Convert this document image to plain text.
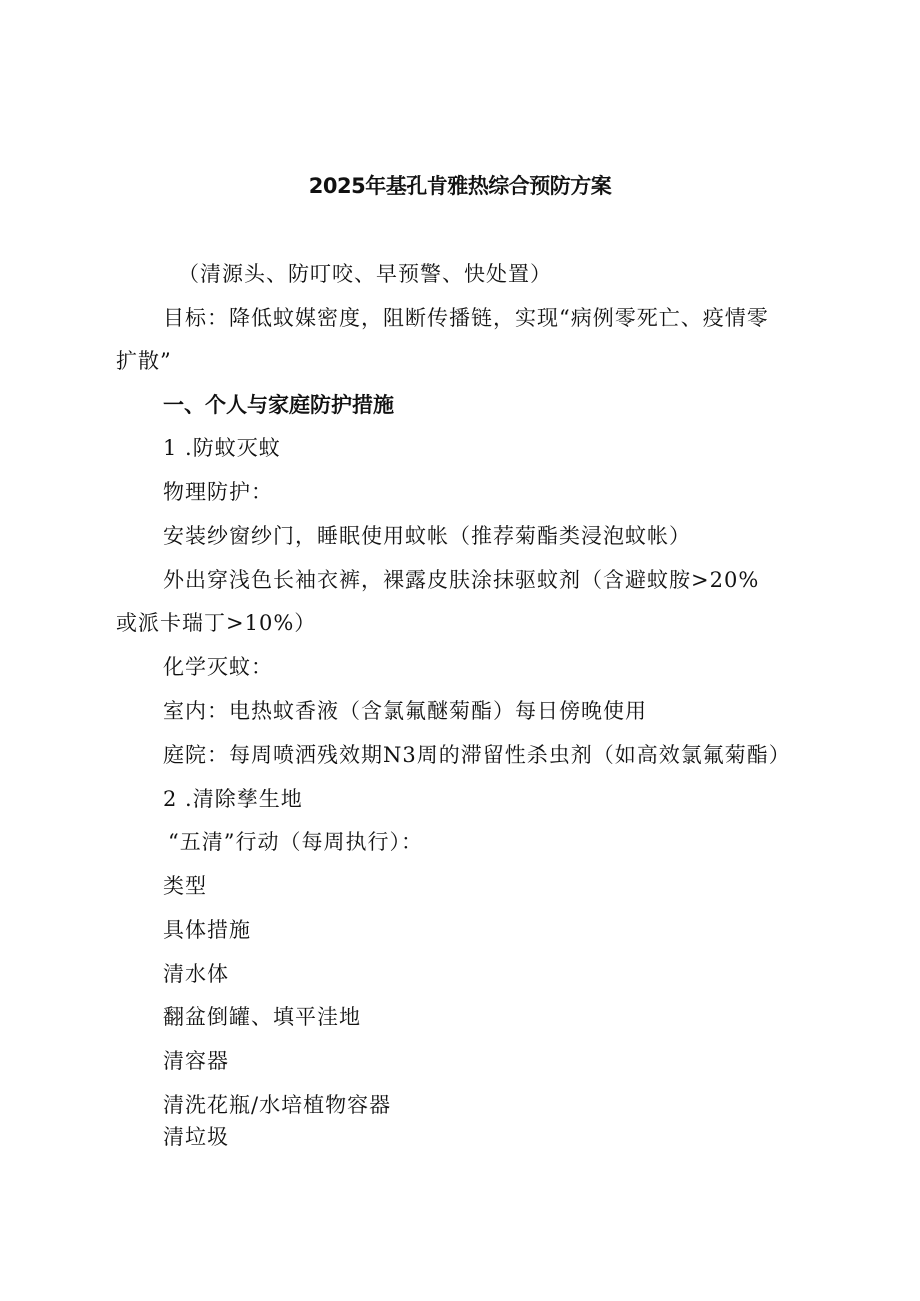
2025年基孔肯雅热综合预防方案
（清源头、防叮咬、早预警、快处置）
目标：降低蚊媒密度，阻断传播链，实现“病例零死亡、疫情零
扩散”
一、个人与家庭防护措施
1 .防蚊灭蚊
物理防护：
安装纱窗纱门，睡眠使用蚊帐（推荐菊酯类浸泡蚊帐）
外出穿浅色长袖衣裤，裸露皮肤涂抹驱蚊剂（含避蚊胺>20%
或派卡瑞丁>10%）
化学灭蚊：
室内：电热蚊香液（含氯氟醚菊酯）每日傍晚使用
庭院：每周喷洒残效期N3周的滞留性杀虫剂（如高效氯氟菊酯）
2 .清除孳生地
“五清”行动（每周执行）：
类型
具体措施
清水体
翻盆倒罐、填平洼地
清容器
清洗花瓶/水培植物容器
清垃圾
